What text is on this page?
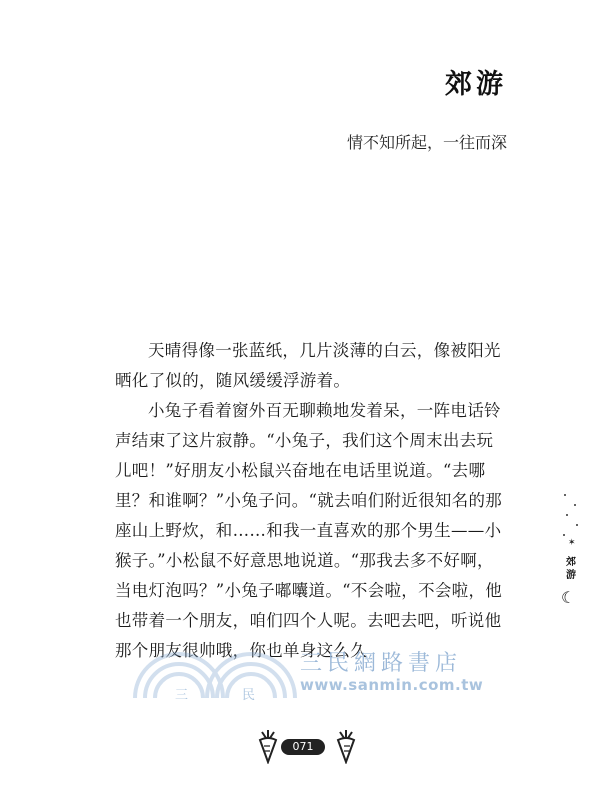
郊游
情不知所起，一往而深

天晴得像一张蓝纸，几片淡薄的白云，像被阳光晒化了似的，随风缓缓浮游着。

小兔子看着窗外百无聊赖地发着呆，一阵电话铃声结束了这片寂静。“小兔子，我们这个周末出去玩儿吧！”好朋友小松鼠兴奋地在电话里说道。“去哪里？和谁啊？”小兔子问。“就去咱们附近很知名的那座山上野炊，和……和我一直喜欢的那个男生——小猴子。”小松鼠不好意思地说道。“那我去多不好啊，当电灯泡吗？”小兔子嘟囔道。“不会啦，不会啦，他也带着一个朋友，咱们四个人呢。去吧去吧，听说他那个朋友很帅哦，你也单身这么久

✶
郊游
☾
三	民
三民網路書店
www.sanmin.com.tw
071
